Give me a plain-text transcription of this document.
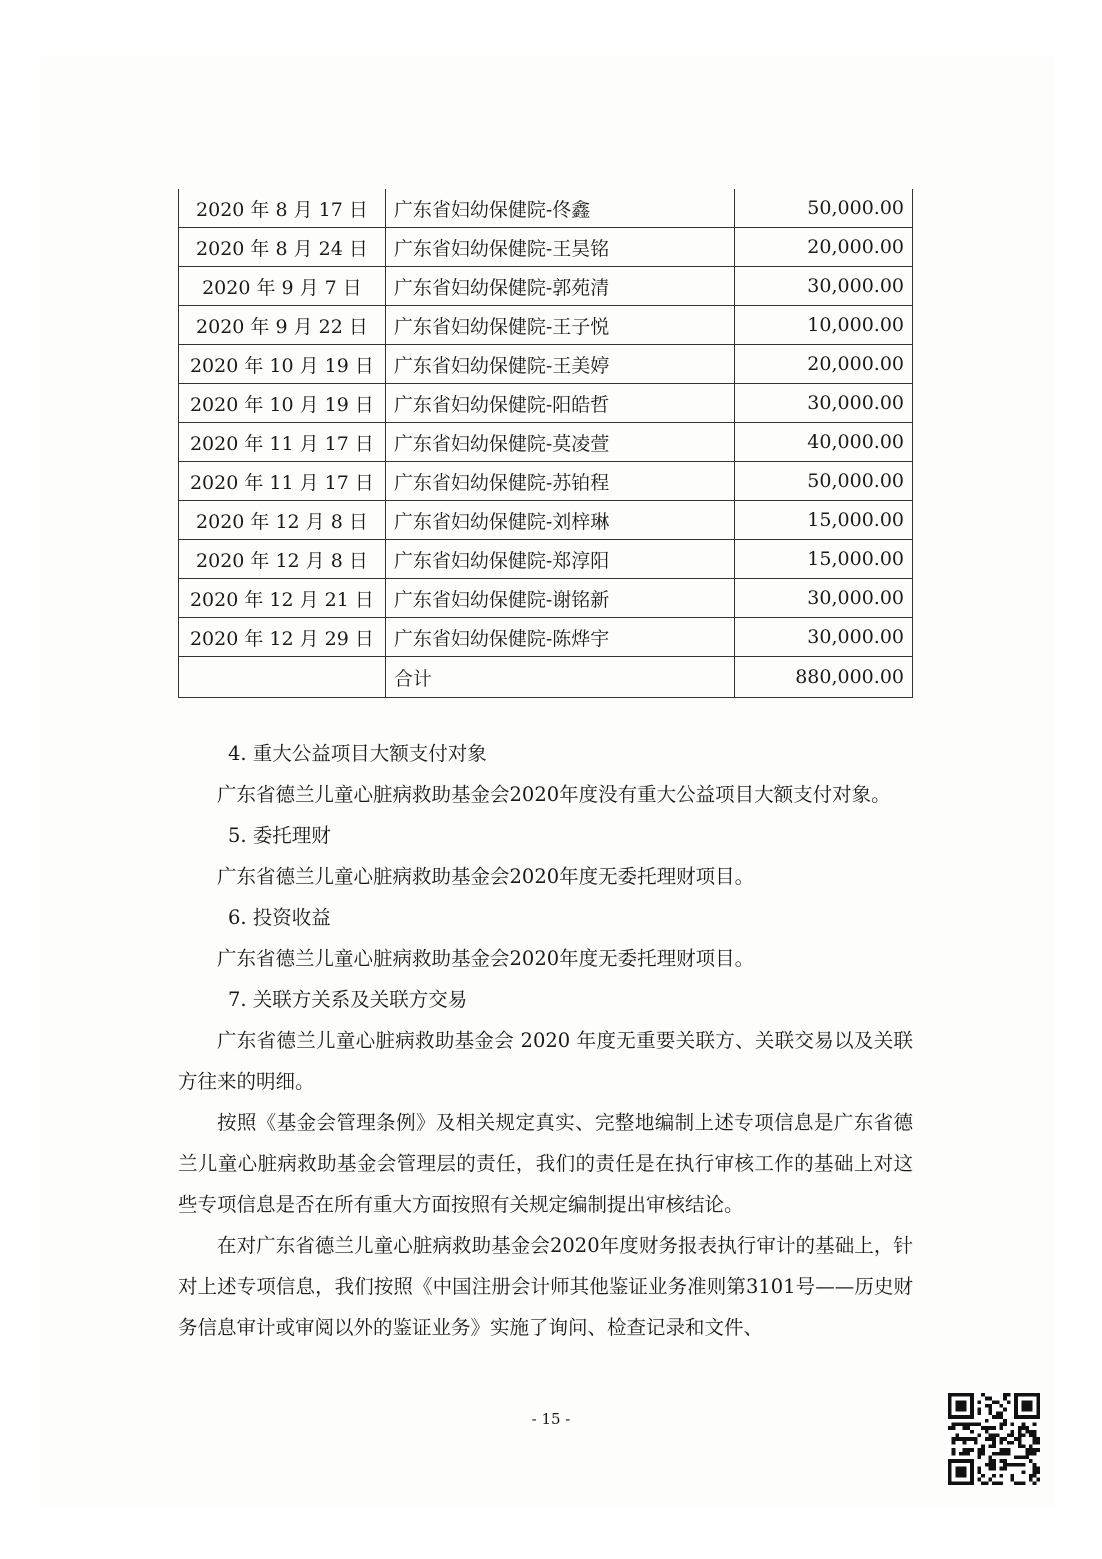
2020 年 8 月 17 日	广东省妇幼保健院-佟鑫	50,000.00
2020 年 8 月 24 日	广东省妇幼保健院-王昊铭	20,000.00
2020 年 9 月 7 日	广东省妇幼保健院-郭苑清	30,000.00
2020 年 9 月 22 日	广东省妇幼保健院-王子悦	10,000.00
2020 年 10 月 19 日	广东省妇幼保健院-王美婷	20,000.00
2020 年 10 月 19 日	广东省妇幼保健院-阳皓哲	30,000.00
2020 年 11 月 17 日	广东省妇幼保健院-莫凌萱	40,000.00
2020 年 11 月 17 日	广东省妇幼保健院-苏铂程	50,000.00
2020 年 12 月 8 日	广东省妇幼保健院-刘梓琳	15,000.00
2020 年 12 月 8 日	广东省妇幼保健院-郑淳阳	15,000.00
2020 年 12 月 21 日	广东省妇幼保健院-谢铭新	30,000.00
2020 年 12 月 29 日	广东省妇幼保健院-陈烨宇	30,000.00
	合计	880,000.00

4. 重大公益项目大额支付对象

广东省德兰儿童心脏病救助基金会2020年度没有重大公益项目大额支付对象。

5. 委托理财

广东省德兰儿童心脏病救助基金会2020年度无委托理财项目。

6. 投资收益

广东省德兰儿童心脏病救助基金会2020年度无委托理财项目。

7. 关联方关系及关联方交易

广东省德兰儿童心脏病救助基金会 2020 年度无重要关联方、关联交易以及关联方往来的明细。

按照《基金会管理条例》及相关规定真实、完整地编制上述专项信息是广东省德兰儿童心脏病救助基金会管理层的责任，我们的责任是在执行审核工作的基础上对这些专项信息是否在所有重大方面按照有关规定编制提出审核结论。

在对广东省德兰儿童心脏病救助基金会2020年度财务报表执行审计的基础上，针对上述专项信息，我们按照《中国注册会计师其他鉴证业务准则第3101号——历史财务信息审计或审阅以外的鉴证业务》实施了询问、检查记录和文件、

- 15 -
